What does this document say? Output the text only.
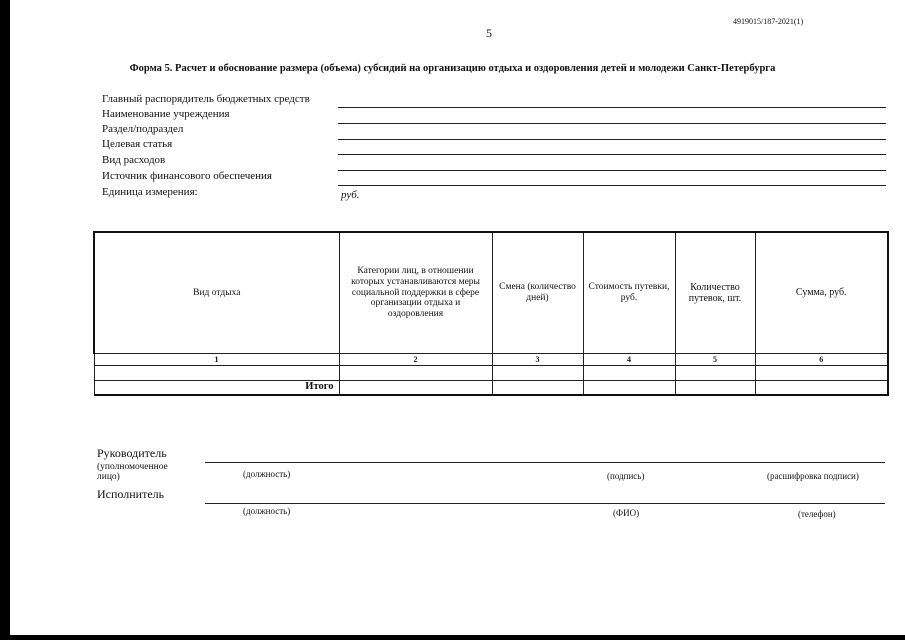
5
4919015/187-2021(1)
Форма 5. Расчет и обоснование размера (объема) субсидий на организацию отдыха и оздоровления детей и молодежи Санкт-Петербурга
Главный распорядитель бюджетных средств
Наименование учреждения
Раздел/подраздел
Целевая статья
Вид расходов
Источник финансового обеспечения
Единица измерения:	руб.
Вид отдыха	Категории лиц, в отношении которых устанавливаются меры социальной поддержки в сфере организации отдыха и оздоровления	Смена (количество дней)	Стоимость путевки, руб.	Количество путевок, шт.	Сумма, руб.
1	2	3	4	5	6

Итого					
Руководитель
(уполномоченное лицо)	(должность)	(подпись)	(расшифровка подписи)
Исполнитель
(должность)	(ФИО)	(телефон)
